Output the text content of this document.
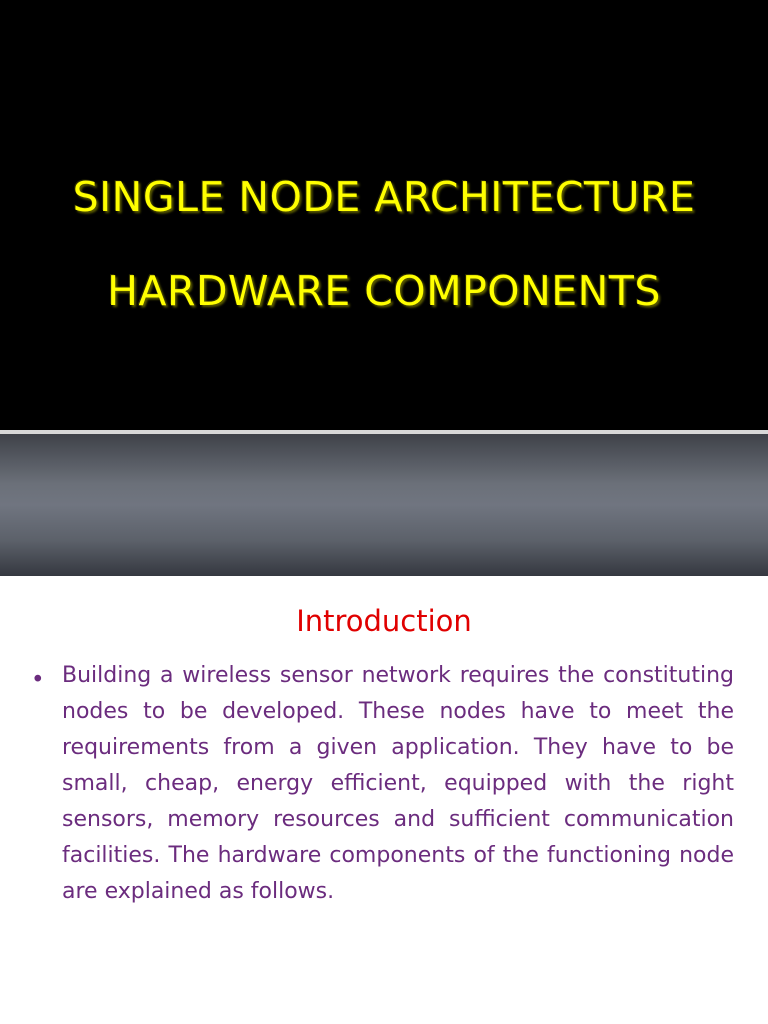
SINGLE NODE ARCHITECTURE
HARDWARE COMPONENTS
Introduction
• Building a wireless sensor network requires the constituting nodes to be developed. These nodes have to meet the requirements from a given application. They have to be small, cheap, energy efficient, equipped with the right sensors, memory resources and sufficient communication facilities. The hardware components of the functioning node are explained as follows.
